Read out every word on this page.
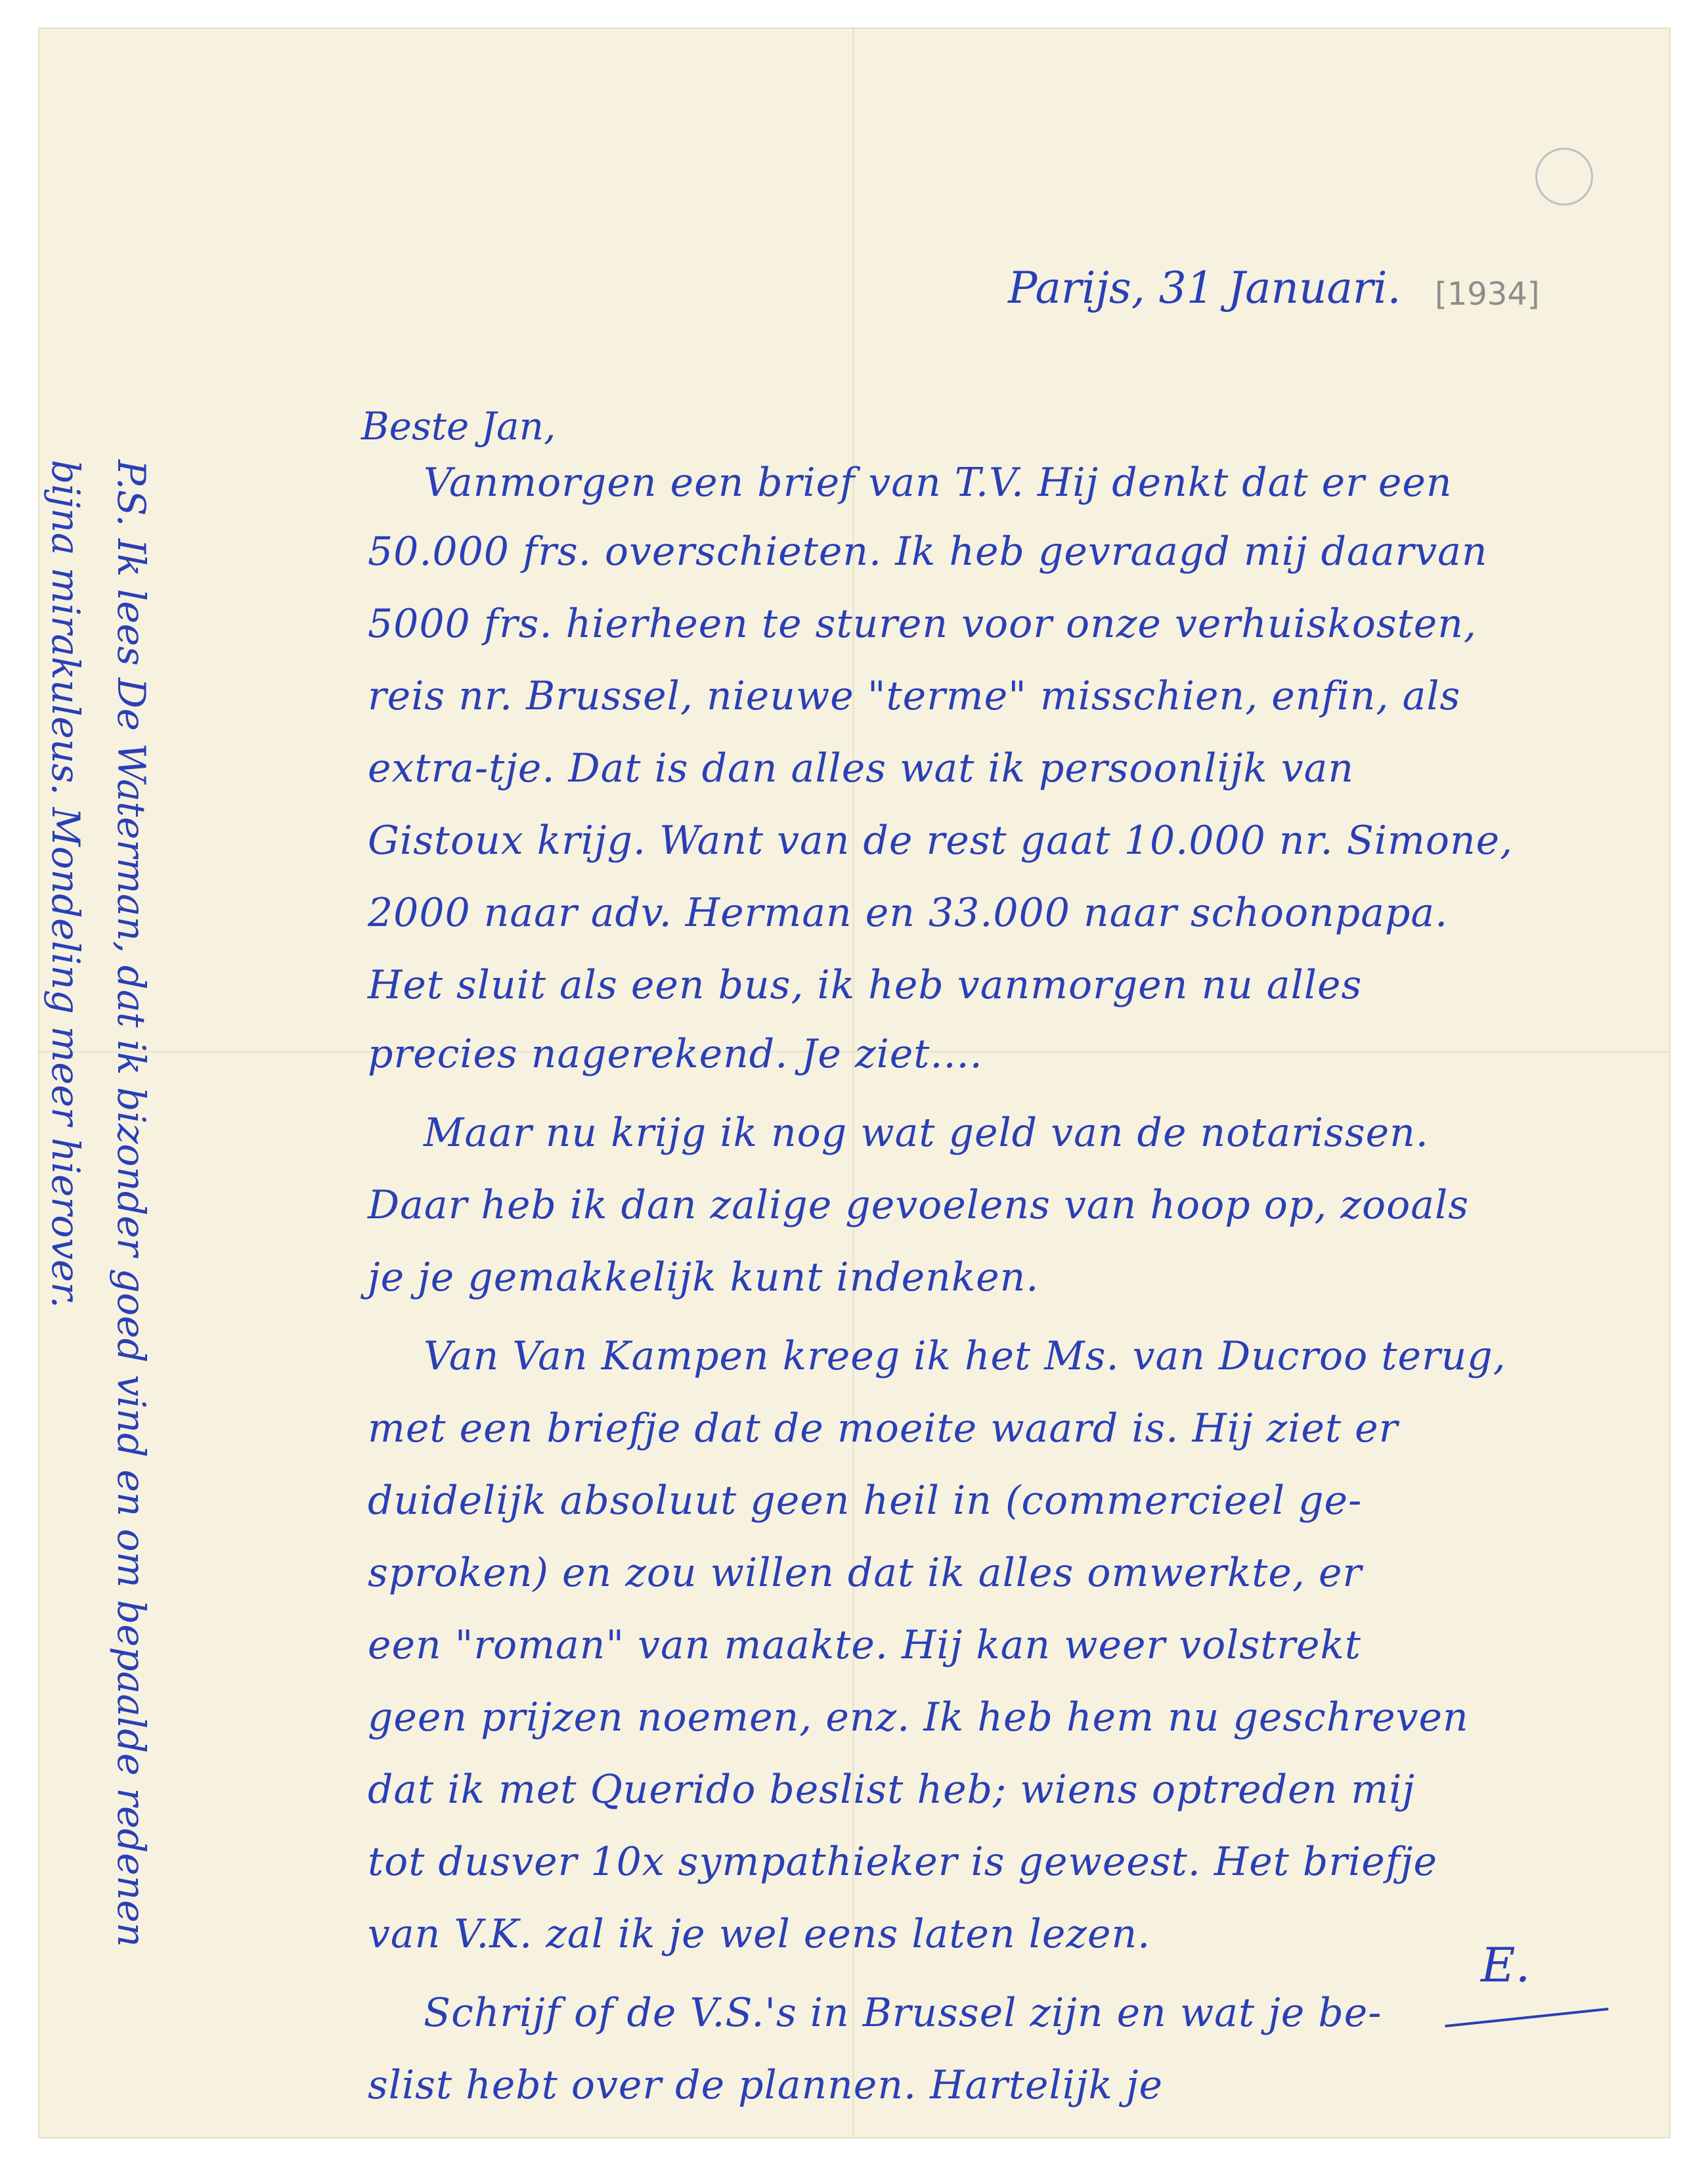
Parijs, 31 Januari. [1934]
Beste Jan,
Vanmorgen een brief van T.V. Hij denkt dat er een
50.000 frs. overschieten. Ik heb gevraagd mij daarvan
5000 frs. hierheen te sturen voor onze verhuiskosten,
reis nr. Brussel, nieuwe "terme" misschien, enfin, als
extra-tje. Dat is dan alles wat ik persoonlijk van
Gistoux krijg. Want van de rest gaat 10.000 nr. Simone,
2000 naar adv. Herman en 33.000 naar schoonpapa.
Het sluit als een bus, ik heb vanmorgen nu alles
precies nagerekend. Je ziet....
Maar nu krijg ik nog wat geld van de notarissen.
Daar heb ik dan zalige gevoelens van hoop op, zooals
je je gemakkelijk kunt indenken.
Van Van Kampen kreeg ik het Ms. van Ducroo terug,
met een briefje dat de moeite waard is. Hij ziet er
duidelijk absoluut geen heil in (commercieel ge-
sproken) en zou willen dat ik alles omwerkte, er
een "roman" van maakte. Hij kan weer volstrekt
geen prijzen noemen, enz. Ik heb hem nu geschreven
dat ik met Querido beslist heb; wiens optreden mij
tot dusver 10x sympathieker is geweest. Het briefje
van V.K. zal ik je wel eens laten lezen.
Schrijf of de V.S.'s in Brussel zijn en wat je be-
slist hebt over de plannen. Hartelijk je
E.
P.S. Ik lees De Waterman, dat ik bizonder goed vind en om bepaalde redenen
bijna mirakuleus. Mondeling meer hierover.
